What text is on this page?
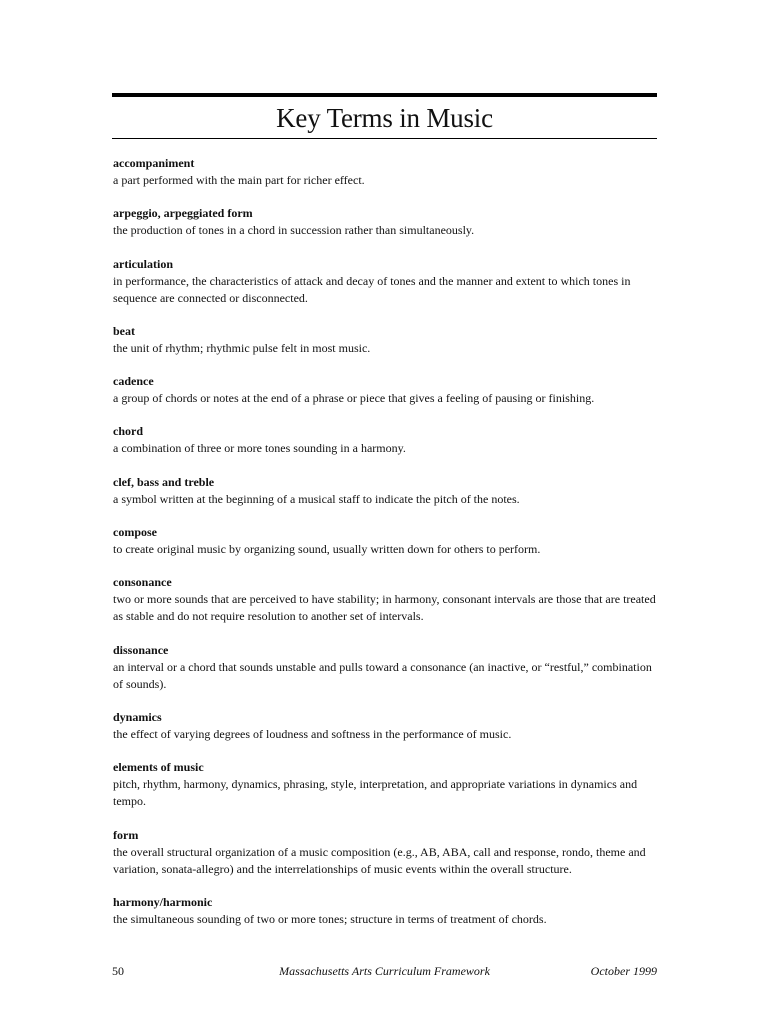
Key Terms in Music
accompaniment
a part performed with the main part for richer effect.
arpeggio, arpeggiated form
the production of tones in a chord in succession rather than simultaneously.
articulation
in performance, the characteristics of attack and decay of tones and the manner and extent to which tones in sequence are connected or disconnected.
beat
the unit of rhythm; rhythmic pulse felt in most music.
cadence
a group of chords or notes at the end of a phrase or piece that gives a feeling of pausing or finishing.
chord
a combination of three or more tones sounding in a harmony.
clef, bass and treble
a symbol written at the beginning of a musical staff to indicate the pitch of the notes.
compose
to create original music by organizing sound, usually written down for others to perform.
consonance
two or more sounds that are perceived to have stability; in harmony, consonant intervals are those that are treated as stable and do not require resolution to another set of intervals.
dissonance
an interval or a chord that sounds unstable and pulls toward a consonance (an inactive, or “restful,” combination of sounds).
dynamics
the effect of varying degrees of loudness and softness in the performance of music.
elements of music
pitch, rhythm, harmony, dynamics, phrasing, style, interpretation, and appropriate variations in dynamics and tempo.
form
the overall structural organization of a music composition (e.g., AB, ABA, call and response, rondo, theme and variation, sonata-allegro) and the interrelationships of music events within the overall structure.
harmony/harmonic
the simultaneous sounding of two or more tones; structure in terms of treatment of chords.
50	Massachusetts Arts Curriculum Framework	October 1999
